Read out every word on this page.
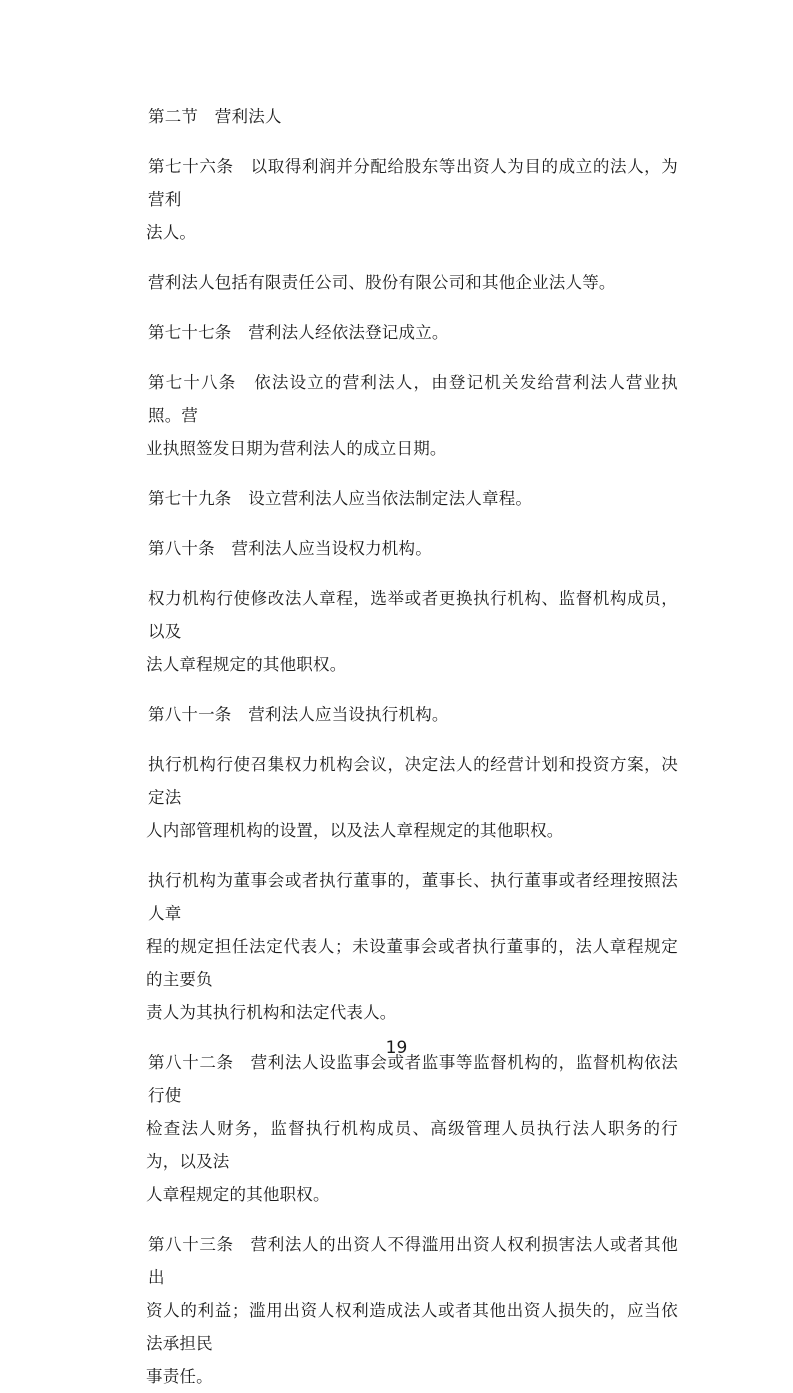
第二节　营利法人

第七十六条　以取得利润并分配给股东等出资人为目的成立的法人，为营利
法人。

营利法人包括有限责任公司、股份有限公司和其他企业法人等。

第七十七条　营利法人经依法登记成立。

第七十八条　依法设立的营利法人，由登记机关发给营利法人营业执照。营
业执照签发日期为营利法人的成立日期。

第七十九条　设立营利法人应当依法制定法人章程。

第八十条　营利法人应当设权力机构。

权力机构行使修改法人章程，选举或者更换执行机构、监督机构成员，以及
法人章程规定的其他职权。

第八十一条　营利法人应当设执行机构。

执行机构行使召集权力机构会议，决定法人的经营计划和投资方案，决定法
人内部管理机构的设置，以及法人章程规定的其他职权。

执行机构为董事会或者执行董事的，董事长、执行董事或者经理按照法人章
程的规定担任法定代表人；未设董事会或者执行董事的，法人章程规定的主要负
责人为其执行机构和法定代表人。

第八十二条　营利法人设监事会或者监事等监督机构的，监督机构依法行使
检查法人财务，监督执行机构成员、高级管理人员执行法人职务的行为，以及法
人章程规定的其他职权。

第八十三条　营利法人的出资人不得滥用出资人权利损害法人或者其他出
资人的利益；滥用出资人权利造成法人或者其他出资人损失的，应当依法承担民
事责任。

19
